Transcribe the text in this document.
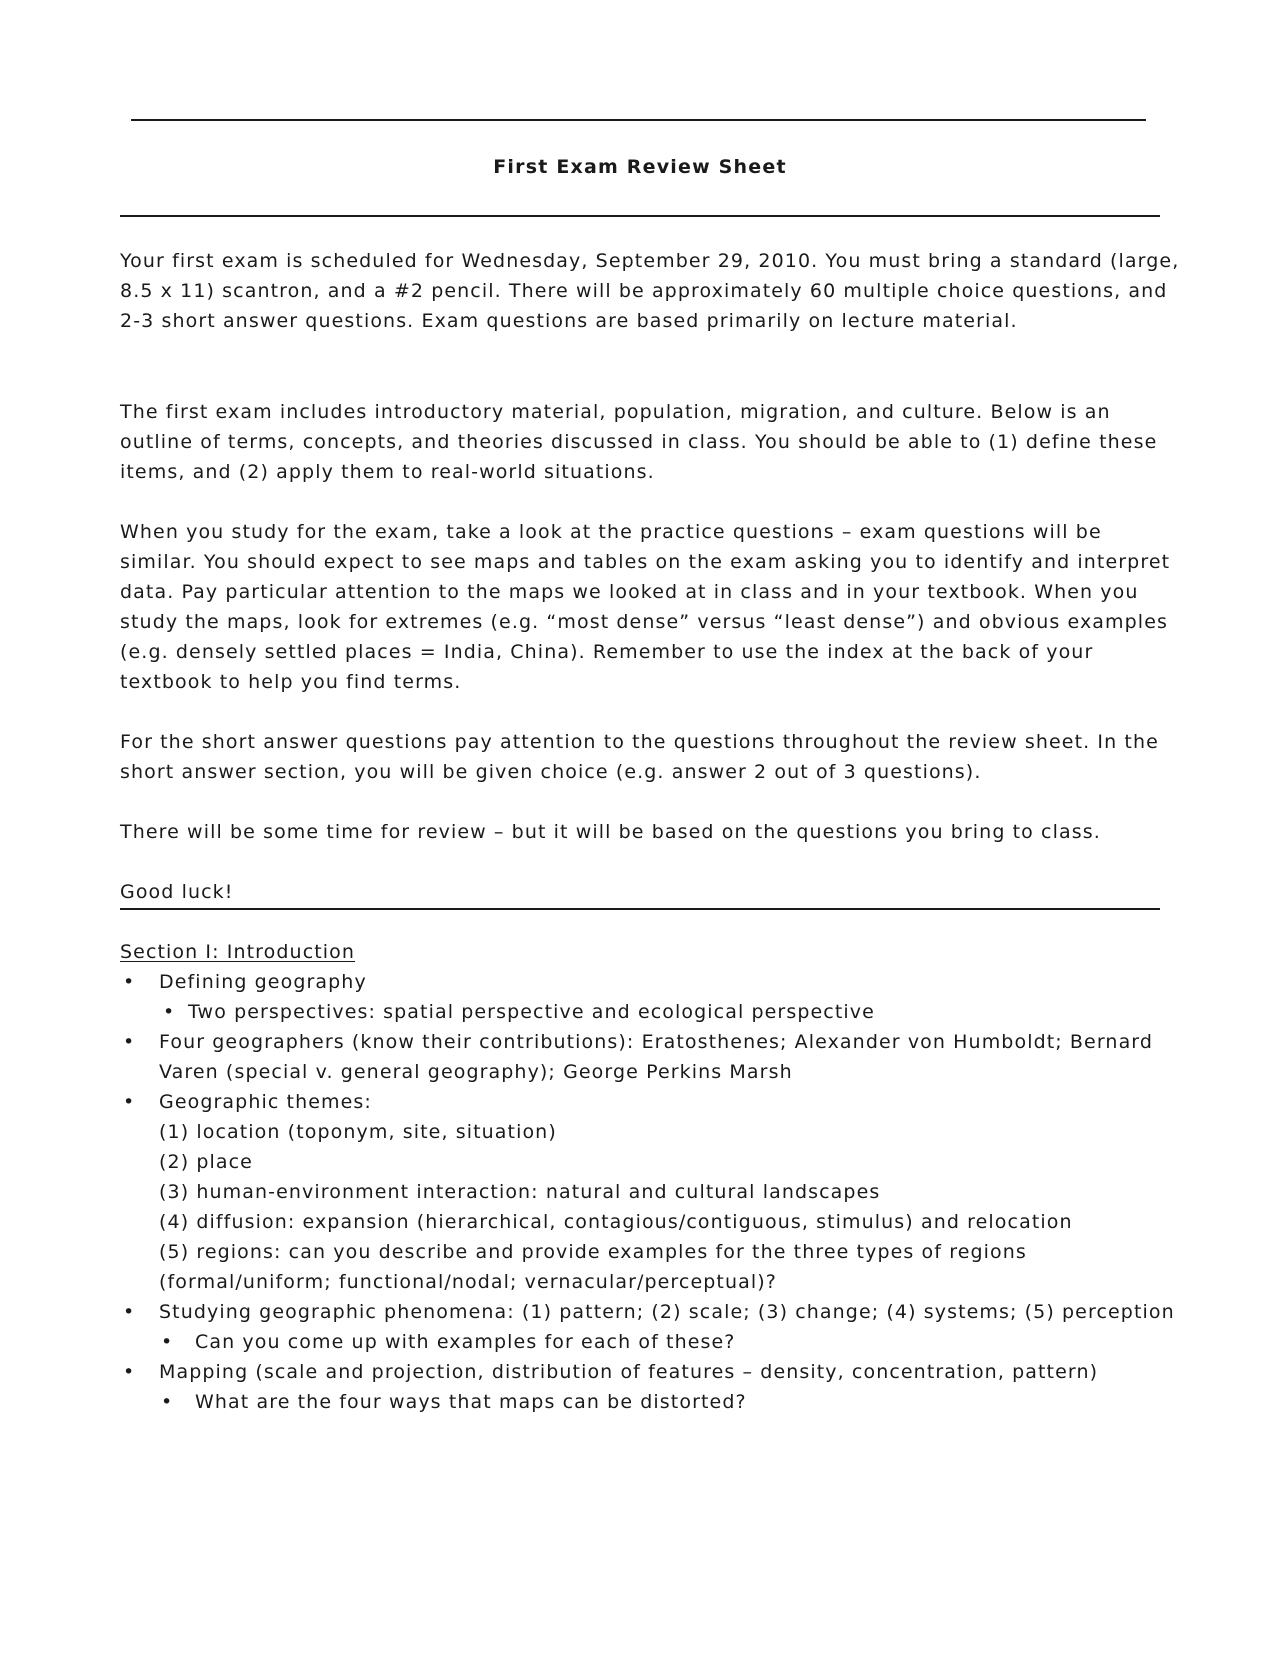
First Exam Review Sheet

Your first exam is scheduled for Wednesday, September 29, 2010. You must bring a standard (large, 8.5 x 11) scantron, and a #2 pencil. There will be approximately 60 multiple choice questions, and 2-3 short answer questions. Exam questions are based primarily on lecture material.

The first exam includes introductory material, population, migration, and culture. Below is an outline of terms, concepts, and theories discussed in class. You should be able to (1) define these items, and (2) apply them to real-world situations.

When you study for the exam, take a look at the practice questions – exam questions will be similar. You should expect to see maps and tables on the exam asking you to identify and interpret data. Pay particular attention to the maps we looked at in class and in your textbook. When you study the maps, look for extremes (e.g. “most dense” versus “least dense”) and obvious examples (e.g. densely settled places = India, China). Remember to use the index at the back of your textbook to help you find terms.

For the short answer questions pay attention to the questions throughout the review sheet. In the short answer section, you will be given choice (e.g. answer 2 out of 3 questions).

There will be some time for review – but it will be based on the questions you bring to class.

Good luck!

Section I: Introduction
• Defining geography
• Two perspectives: spatial perspective and ecological perspective
• Four geographers (know their contributions): Eratosthenes; Alexander von Humboldt; Bernard Varen (special v. general geography); George Perkins Marsh
• Geographic themes:
(1) location (toponym, site, situation)
(2) place
(3) human-environment interaction: natural and cultural landscapes
(4) diffusion: expansion (hierarchical, contagious/contiguous, stimulus) and relocation
(5) regions: can you describe and provide examples for the three types of regions (formal/uniform; functional/nodal; vernacular/perceptual)?
• Studying geographic phenomena: (1) pattern; (2) scale; (3) change; (4) systems; (5) perception
• Can you come up with examples for each of these?
• Mapping (scale and projection, distribution of features – density, concentration, pattern)
• What are the four ways that maps can be distorted?
